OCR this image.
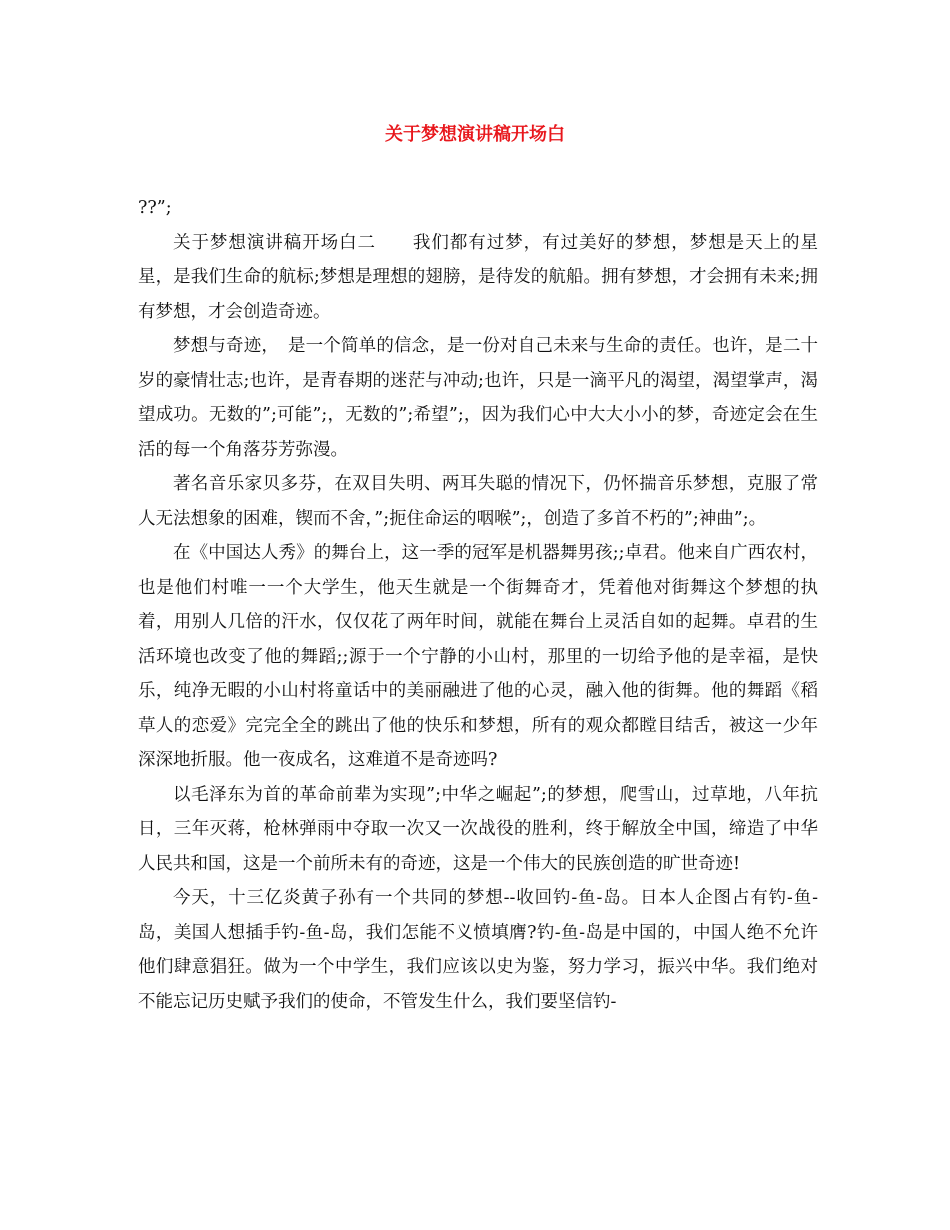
关于梦想演讲稿开场白

??”;

关于梦想演讲稿开场白二　　我们都有过梦，有过美好的梦想，梦想是天上的星星，是我们生命的航标;梦想是理想的翅膀，是待发的航船。拥有梦想，才会拥有未来;拥有梦想，才会创造奇迹。

梦想与奇迹，　是一个简单的信念，是一份对自己未来与生命的责任。也许，是二十岁的豪情壮志;也许，是青春期的迷茫与冲动;也许，只是一滴平凡的渴望，渴望掌声，渴望成功。无数的”;可能”;，无数的”;希望”;，因为我们心中大大小小的梦，奇迹定会在生活的每一个角落芬芳弥漫。

著名音乐家贝多芬，在双目失明、两耳失聪的情况下，仍怀揣音乐梦想，克服了常人无法想象的困难，锲而不舍，”;扼住命运的咽喉”;，创造了多首不朽的”;神曲”;。

在《中国达人秀》的舞台上，这一季的冠军是机器舞男孩;;卓君。他来自广西农村，也是他们村唯一一个大学生，他天生就是一个街舞奇才，凭着他对街舞这个梦想的执着，用别人几倍的汗水，仅仅花了两年时间，就能在舞台上灵活自如的起舞。卓君的生活环境也改变了他的舞蹈;;源于一个宁静的小山村，那里的一切给予他的是幸福，是快乐，纯净无暇的小山村将童话中的美丽融进了他的心灵，融入他的街舞。他的舞蹈《稻草人的恋爱》完完全全的跳出了他的快乐和梦想，所有的观众都瞠目结舌，被这一少年深深地折服。他一夜成名，这难道不是奇迹吗?

以毛泽东为首的革命前辈为实现”;中华之崛起”;的梦想，爬雪山，过草地，八年抗日，三年灭蒋，枪林弹雨中夺取一次又一次战役的胜利，终于解放全中国，缔造了中华人民共和国，这是一个前所未有的奇迹，这是一个伟大的民族创造的旷世奇迹!

今天，十三亿炎黄子孙有一个共同的梦想--收回钓-鱼-岛。日本人企图占有钓-鱼-岛，美国人想插手钓-鱼-岛，我们怎能不义愤填膺?钓-鱼-岛是中国的，中国人绝不允许他们肆意猖狂。做为一个中学生，我们应该以史为鉴，努力学习，振兴中华。我们绝对不能忘记历史赋予我们的使命，不管发生什么，我们要坚信钓-
